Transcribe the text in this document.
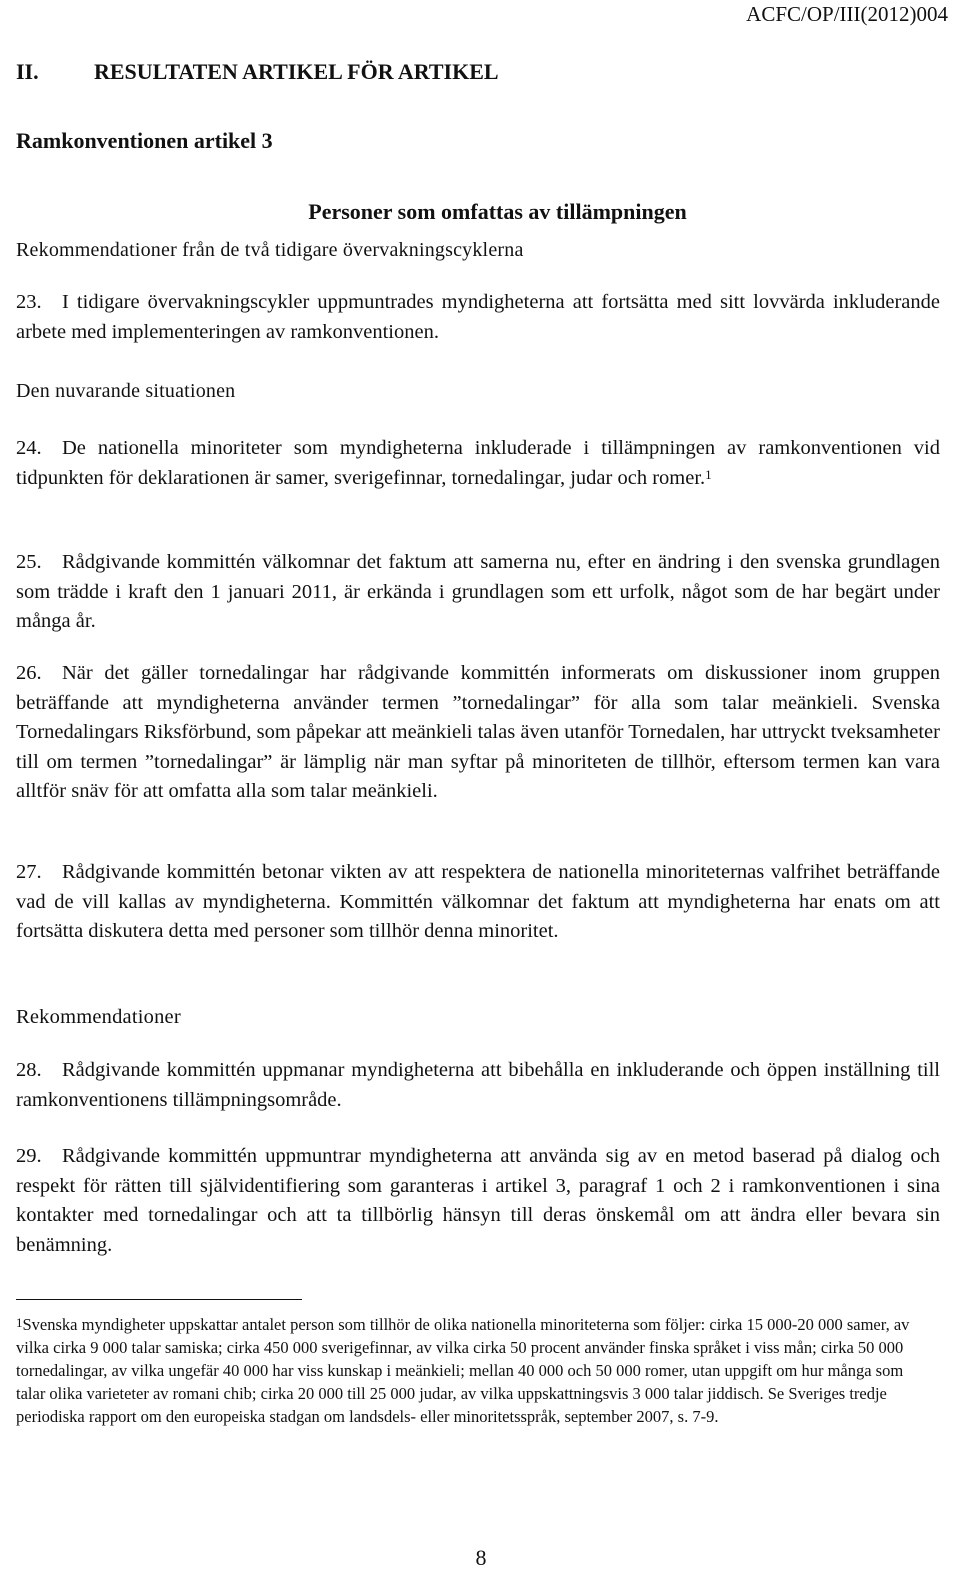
ACFC/OP/III(2012)004
II.	RESULTATEN ARTIKEL FÖR ARTIKEL
Ramkonventionen artikel 3
Personer som omfattas av tillämpningen
Rekommendationer från de två tidigare övervakningscyklerna

23. I tidigare övervakningscykler uppmuntrades myndigheterna att fortsätta med sitt lovvärda inkluderande arbete med implementeringen av ramkonventionen.

Den nuvarande situationen

24. De nationella minoriteter som myndigheterna inkluderade i tillämpningen av ramkonventionen vid tidpunkten för deklarationen är samer, sverigefinnar, tornedalingar, judar och romer.$^1$

25. Rådgivande kommittén välkomnar det faktum att samerna nu, efter en ändring i den svenska grundlagen som trädde i kraft den 1 januari 2011, är erkända i grundlagen som ett urfolk, något som de har begärt under många år.

26. När det gäller tornedalingar har rådgivande kommittén informerats om diskussioner inom gruppen beträffande att myndigheterna använder termen ”tornedalingar” för alla som talar meänkieli. Svenska Tornedalingars Riksförbund, som påpekar att meänkieli talas även utanför Tornedalen, har uttryckt tveksamheter till om termen ”tornedalingar” är lämplig när man syftar på minoriteten de tillhör, eftersom termen kan vara alltför snäv för att omfatta alla som talar meänkieli.

27. Rådgivande kommittén betonar vikten av att respektera de nationella minoriteternas valfrihet beträffande vad de vill kallas av myndigheterna. Kommittén välkomnar det faktum att myndigheterna har enats om att fortsätta diskutera detta med personer som tillhör denna minoritet.

Rekommendationer

28. Rådgivande kommittén uppmanar myndigheterna att bibehålla en inkluderande och öppen inställning till ramkonventionens tillämpningsområde.

29. Rådgivande kommittén uppmuntrar myndigheterna att använda sig av en metod baserad på dialog och respekt för rätten till självidentifiering som garanteras i artikel 3, paragraf 1 och 2 i ramkonventionen i sina kontakter med tornedalingar och att ta tillbörlig hänsyn till deras önskemål om att ändra eller bevara sin benämning.

$^1$Svenska myndigheter uppskattar antalet person som tillhör de olika nationella minoriteterna som följer: cirka 15 000-20 000 samer, av vilka cirka 9 000 talar samiska; cirka 450 000 sverigefinnar, av vilka cirka 50 procent använder finska språket i viss mån; cirka 50 000 tornedalingar, av vilka ungefär 40 000 har viss kunskap i meänkieli; mellan 40 000 och 50 000 romer, utan uppgift om hur många som talar olika varieteter av romani chib; cirka 20 000 till 25 000 judar, av vilka uppskattningsvis 3 000 talar jiddisch. Se Sveriges tredje periodiska rapport om den europeiska stadgan om landsdels- eller minoritetsspråk, september 2007, s. 7-9.

8
